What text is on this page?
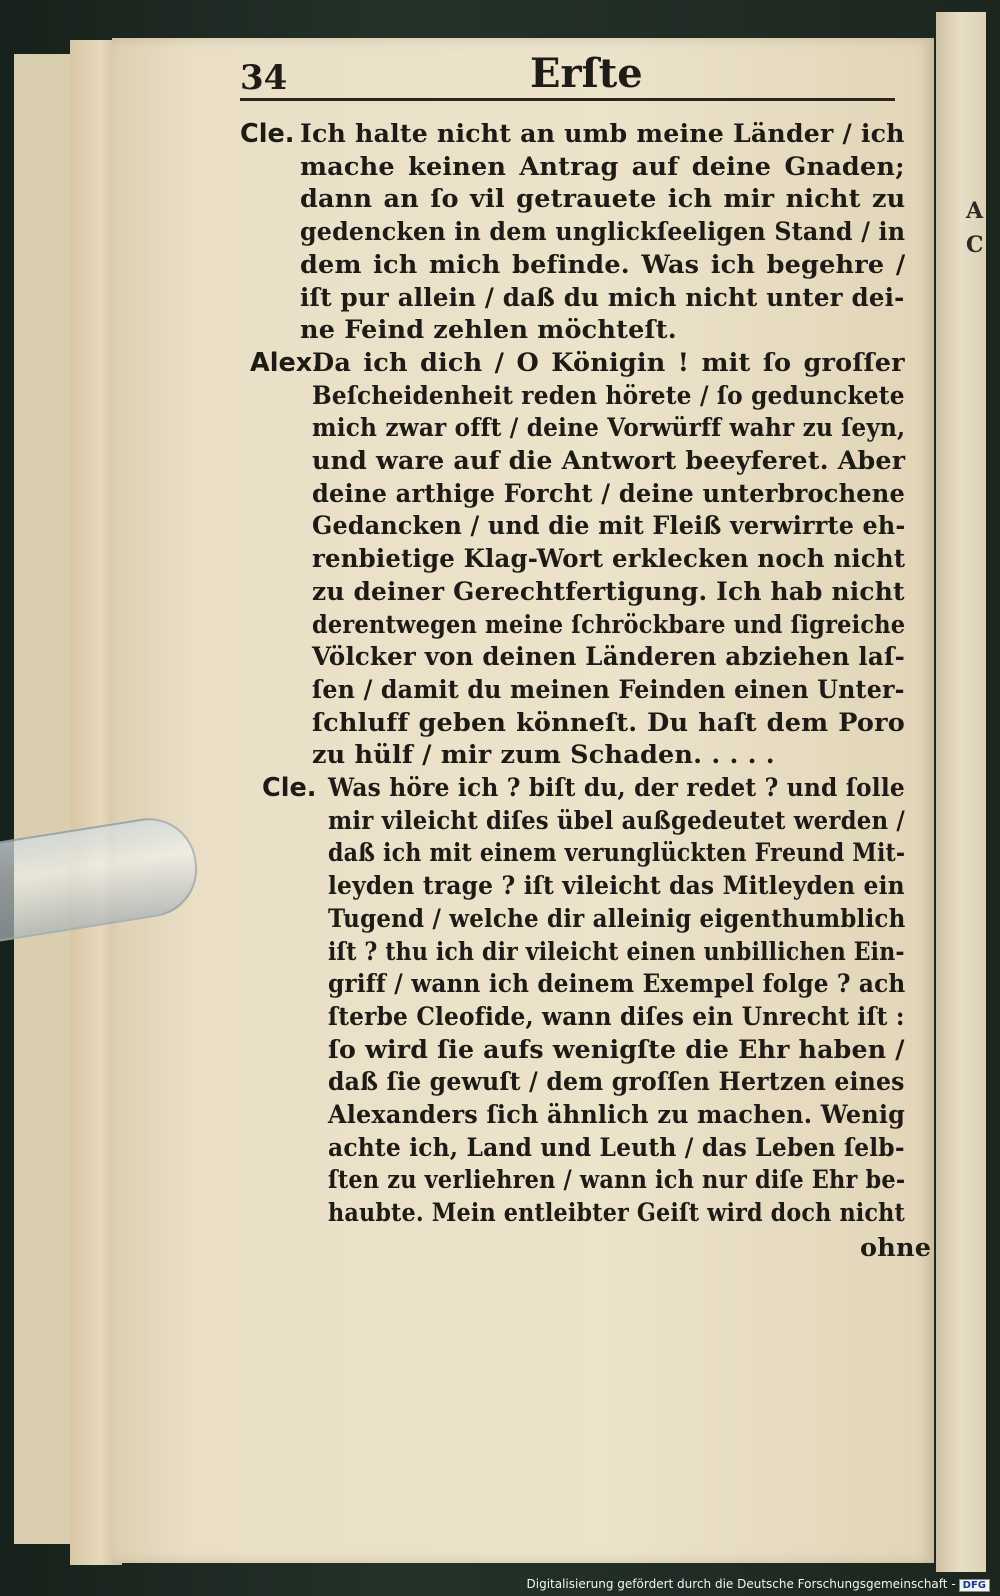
A
C
34	Erſte
Cle. Ich halte nicht an umb meine Länder / ich
mache keinen Antrag auf deine Gnaden;
dann an ſo vil getrauete ich mir nicht zu
gedencken in dem unglickſeeligen Stand / in
dem ich mich befinde. Was ich begehre /
iſt pur allein / daß du mich nicht unter dei-
ne Feind zehlen möchteſt.
Alex.
Da ich dich / O Königin ! mit ſo groſſer
Beſcheidenheit reden hörete / ſo gedunckete
mich zwar offt / deine Vorwürff wahr zu ſeyn,
und ware auf die Antwort beeyferet. Aber
deine arthige Forcht / deine unterbrochene
Gedancken / und die mit Fleiß verwirrte eh-
renbietige Klag-Wort erklecken noch nicht
zu deiner Gerechtfertigung. Ich hab nicht
derentwegen meine ſchröckbare und ſigreiche
Völcker von deinen Länderen abziehen laſ-
ſen / damit du meinen Feinden einen Unter-
ſchluff geben könneſt. Du haſt dem Poro
zu hülf / mir zum Schaden. . . . .
Cle. Was höre ich ? biſt du, der redet ? und ſolle
mir vileicht diſes übel außgedeutet werden /
daß ich mit einem verunglückten Freund Mit-
leyden trage ? iſt vileicht das Mitleyden ein
Tugend / welche dir alleinig eigenthumblich
iſt ? thu ich dir vileicht einen unbillichen Ein-
griff / wann ich deinem Exempel folge ? ach
ſterbe Cleofide, wann diſes ein Unrecht iſt :
ſo wird ſie aufs wenigſte die Ehr haben /
daß ſie gewuſt / dem groſſen Hertzen eines
Alexanders ſich ähnlich zu machen. Wenig
achte ich, Land und Leuth / das Leben ſelb-
ſten zu verliehren / wann ich nur diſe Ehr be-
haubte. Mein entleibter Geiſt wird doch nicht
ohne
Digitalisierung gefördert durch die Deutsche Forschungsgemeinschaft - DFG
